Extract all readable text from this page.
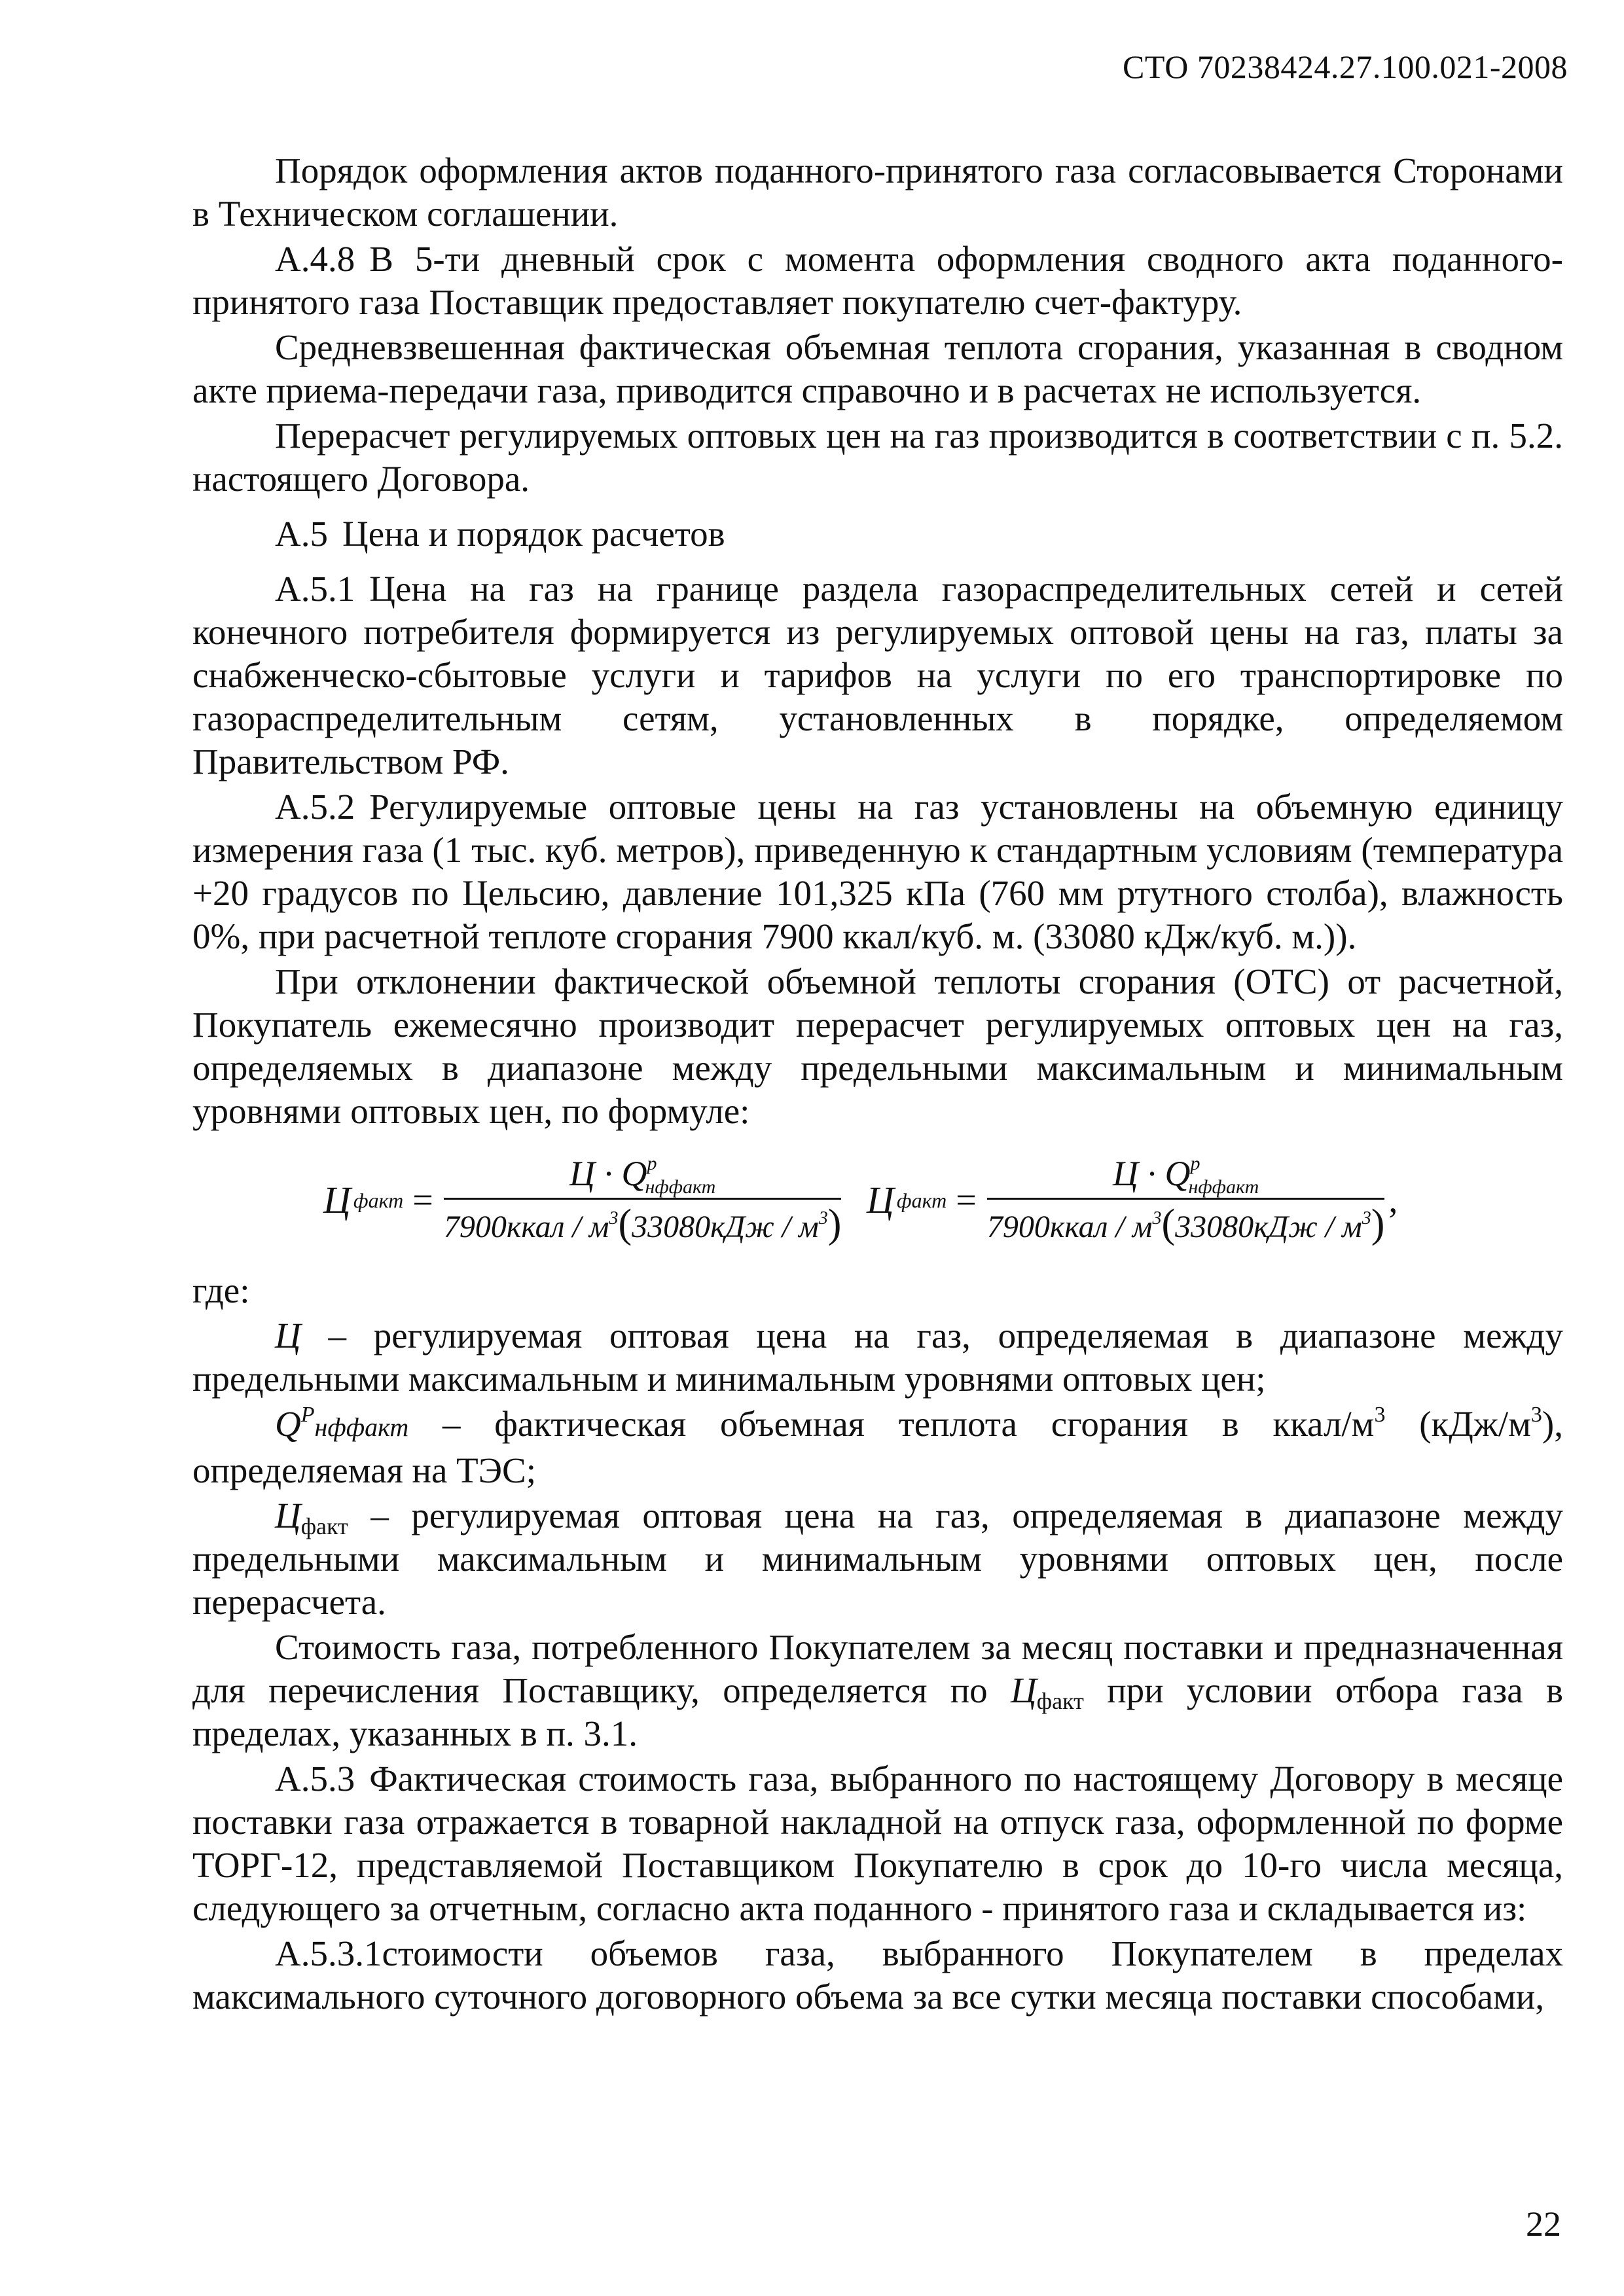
СТО 70238424.27.100.021-2008

Порядок оформления актов поданного-принятого газа согласовывается Сторонами в Техническом соглашении.

А.4.8 В 5-ти дневный срок с момента оформления сводного акта поданного-принятого газа Поставщик предоставляет покупателю счет-фактуру.

Средневзвешенная фактическая объемная теплота сгорания, указанная в сводном акте приема-передачи газа, приводится справочно и в расчетах не используется.

Перерасчет регулируемых оптовых цен на газ производится в соответствии с п. 5.2. настоящего Договора.

А.5 Цена и порядок расчетов

А.5.1 Цена на газ на границе раздела газораспределительных сетей и сетей конечного потребителя формируется из регулируемых оптовой цены на газ, платы за снабженческо-сбытовые услуги и тарифов на услуги по его транспортировке по газораспределительным сетям, установленных в порядке, определяемом Правительством РФ.

А.5.2 Регулируемые оптовые цены на газ установлены на объемную единицу измерения газа (1 тыс. куб. метров), приведенную к стандартным условиям (температура +20 градусов по Цельсию, давление 101,325 кПа (760 мм ртутного столба), влажность 0%, при расчетной теплоте сгорания 7900 ккал/куб. м. (33080 кДж/куб. м.)).

При отклонении фактической объемной теплоты сгорания (ОТС) от расчетной, Покупатель ежемесячно производит перерасчет регулируемых оптовых цен на газ, определяемых в диапазоне между предельными максимальным и минимальным уровнями оптовых цен, по формуле:

Ц факт = $\frac{Ц \cdot Q^p_{нффакт}}{7900ккал / м^3(33080кДж / м^3)}$ Ц факт = $\frac{Ц \cdot Q^p_{нффакт}}{7900ккал / м^3(33080кДж / м^3)}$ ,

где:

Ц – регулируемая оптовая цена на газ, определяемая в диапазоне между предельными максимальным и минимальным уровнями оптовых цен;

$Q^Pнффакт$ – фактическая объемная теплота сгорания в ккал/$м^3$ $(кДж/м^3)$, определяемая на ТЭС;

$Ц_{факт}$ – регулируемая оптовая цена на газ, определяемая в диапазоне между предельными максимальным и минимальным уровнями оптовых цен, после перерасчета.

Стоимость газа, потребленного Покупателем за месяц поставки и предназначенная для перечисления Поставщику, определяется по $Ц_{факт}$ при условии отбора газа в пределах, указанных в п. 3.1.

А.5.3 Фактическая стоимость газа, выбранного по настоящему Договору в месяце поставки газа отражается в товарной накладной на отпуск газа, оформленной по форме ТОРГ-12, представляемой Поставщиком Покупателю в срок до 10-го числа месяца, следующего за отчетным, согласно акта поданного - принятого газа и складывается из:

А.5.3.1стоимости объемов газа, выбранного Покупателем в пределах максимального суточного договорного объема за все сутки месяца поставки способами,

22
